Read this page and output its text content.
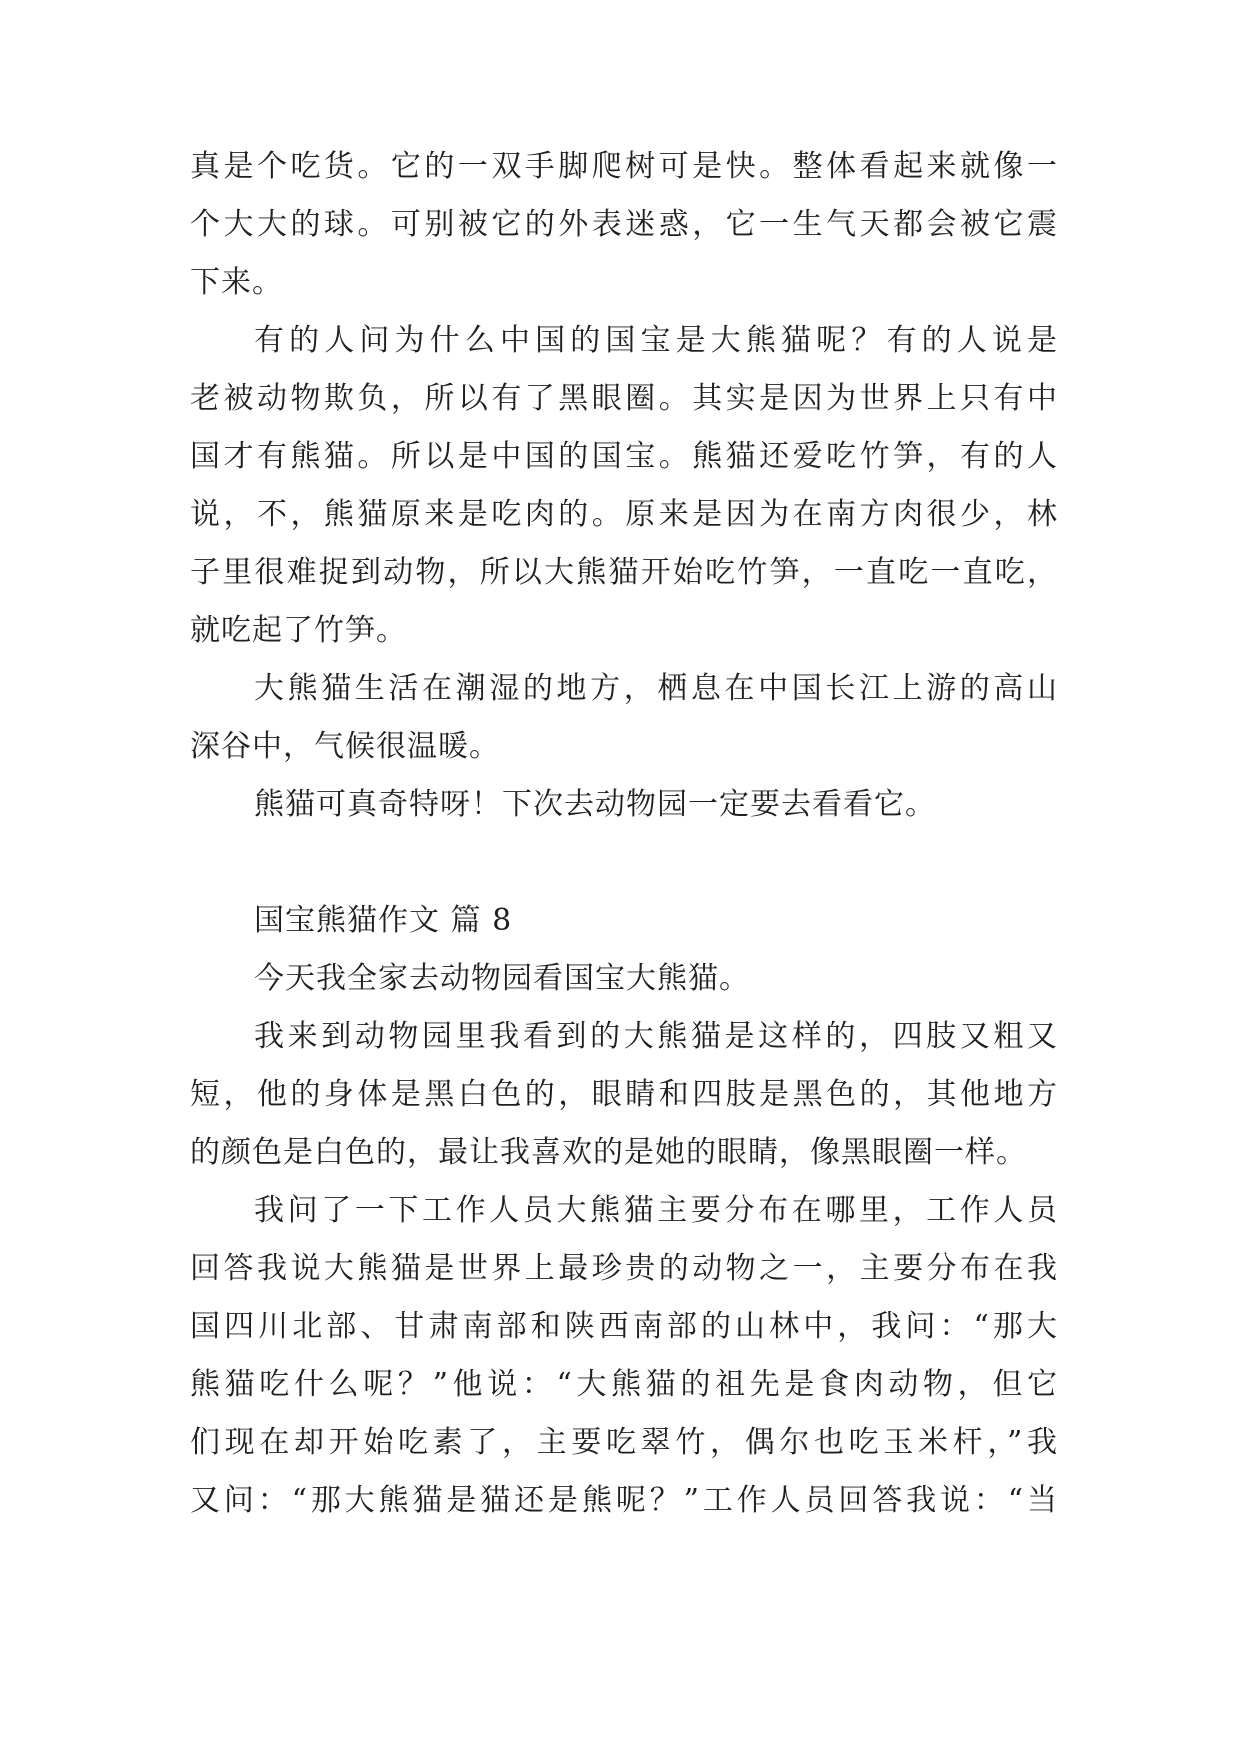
真是个吃货。它的一双手脚爬树可是快。整体看起来就像一
个大大的球。可别被它的外表迷惑，它一生气天都会被它震
下来。
有的人问为什么中国的国宝是大熊猫呢？有的人说是
老被动物欺负，所以有了黑眼圈。其实是因为世界上只有中
国才有熊猫。所以是中国的国宝。熊猫还爱吃竹笋，有的人
说，不，熊猫原来是吃肉的。原来是因为在南方肉很少，林
子里很难捉到动物，所以大熊猫开始吃竹笋，一直吃一直吃，
就吃起了竹笋。
大熊猫生活在潮湿的地方，栖息在中国长江上游的高山
深谷中，气候很温暖。
熊猫可真奇特呀！下次去动物园一定要去看看它。
国宝熊猫作文 篇 8
今天我全家去动物园看国宝大熊猫。
我来到动物园里我看到的大熊猫是这样的，四肢又粗又
短，他的身体是黑白色的，眼睛和四肢是黑色的，其他地方
的颜色是白色的，最让我喜欢的是她的眼睛，像黑眼圈一样。
我问了一下工作人员大熊猫主要分布在哪里，工作人员
回答我说大熊猫是世界上最珍贵的动物之一，主要分布在我
国四川北部、甘肃南部和陕西南部的山林中，我问：“那大
熊猫吃什么呢？”他说：“大熊猫的祖先是食肉动物，但它
们现在却开始吃素了，主要吃翠竹，偶尔也吃玉米杆，”我
又问：“那大熊猫是猫还是熊呢？”工作人员回答我说：“当
